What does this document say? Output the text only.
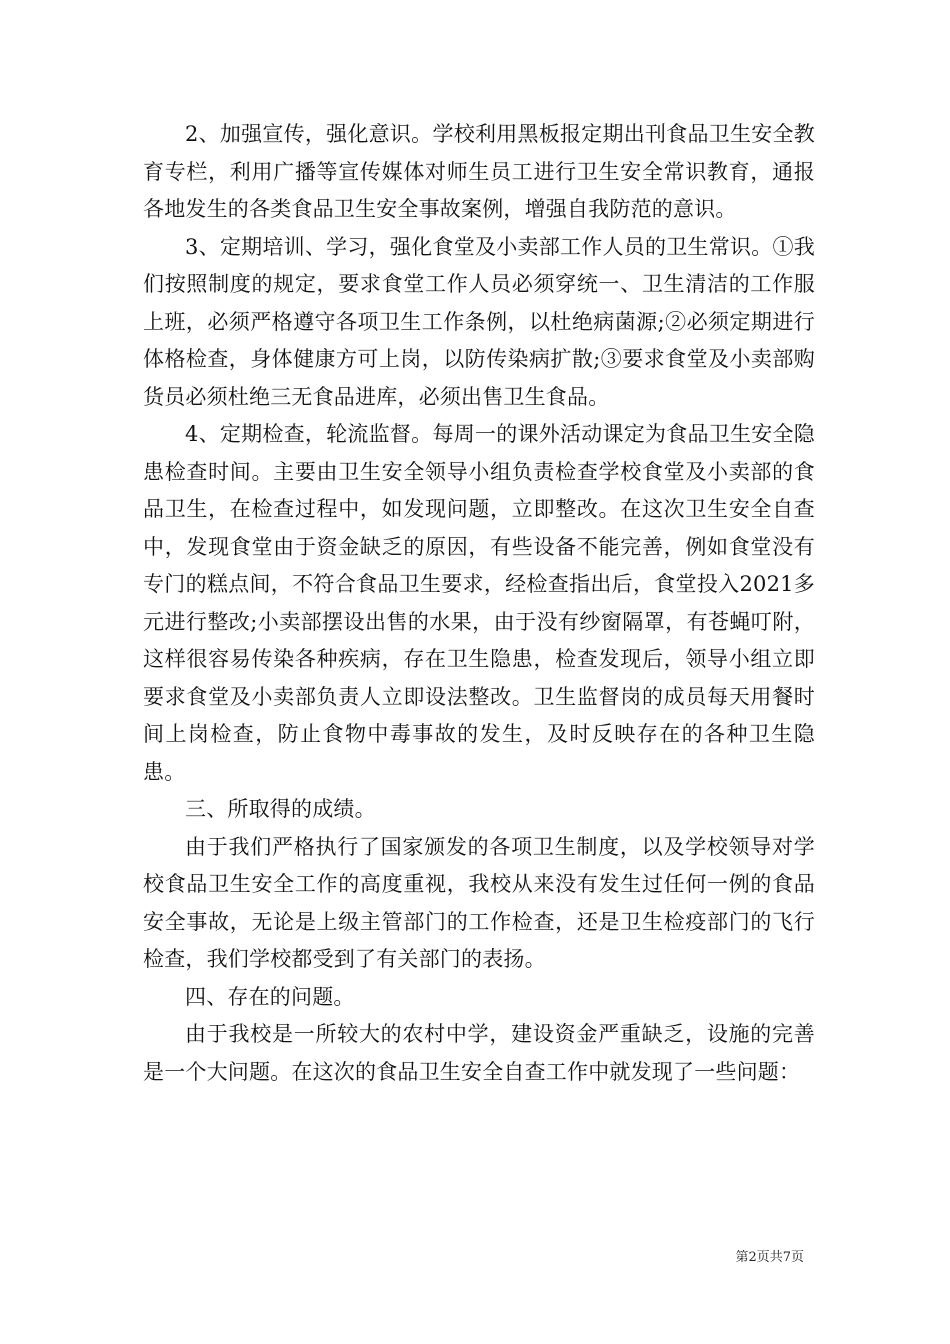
2、加强宣传，强化意识。学校利用黑板报定期出刊食品卫生安全教育专栏，利用广播等宣传媒体对师生员工进行卫生安全常识教育，通报各地发生的各类食品卫生安全事故案例，增强自我防范的意识。

3、定期培训、学习，强化食堂及小卖部工作人员的卫生常识。①我们按照制度的规定，要求食堂工作人员必须穿统一、卫生清洁的工作服上班，必须严格遵守各项卫生工作条例，以杜绝病菌源;②必须定期进行体格检查，身体健康方可上岗，以防传染病扩散;③要求食堂及小卖部购货员必须杜绝三无食品进库，必须出售卫生食品。

4、定期检查，轮流监督。每周一的课外活动课定为食品卫生安全隐患检查时间。主要由卫生安全领导小组负责检查学校食堂及小卖部的食品卫生，在检查过程中，如发现问题，立即整改。在这次卫生安全自查中，发现食堂由于资金缺乏的原因，有些设备不能完善，例如食堂没有专门的糕点间，不符合食品卫生要求，经检查指出后，食堂投入2021多元进行整改;小卖部摆设出售的水果，由于没有纱窗隔罩，有苍蝇叮附，这样很容易传染各种疾病，存在卫生隐患，检查发现后，领导小组立即要求食堂及小卖部负责人立即设法整改。卫生监督岗的成员每天用餐时间上岗检查，防止食物中毒事故的发生，及时反映存在的各种卫生隐患。

三、所取得的成绩。

由于我们严格执行了国家颁发的各项卫生制度，以及学校领导对学校食品卫生安全工作的高度重视，我校从来没有发生过任何一例的食品安全事故，无论是上级主管部门的工作检查，还是卫生检疫部门的飞行检查，我们学校都受到了有关部门的表扬。

四、存在的问题。

由于我校是一所较大的农村中学，建设资金严重缺乏，设施的完善是一个大问题。在这次的食品卫生安全自查工作中就发现了一些问题：

第2页共7页
